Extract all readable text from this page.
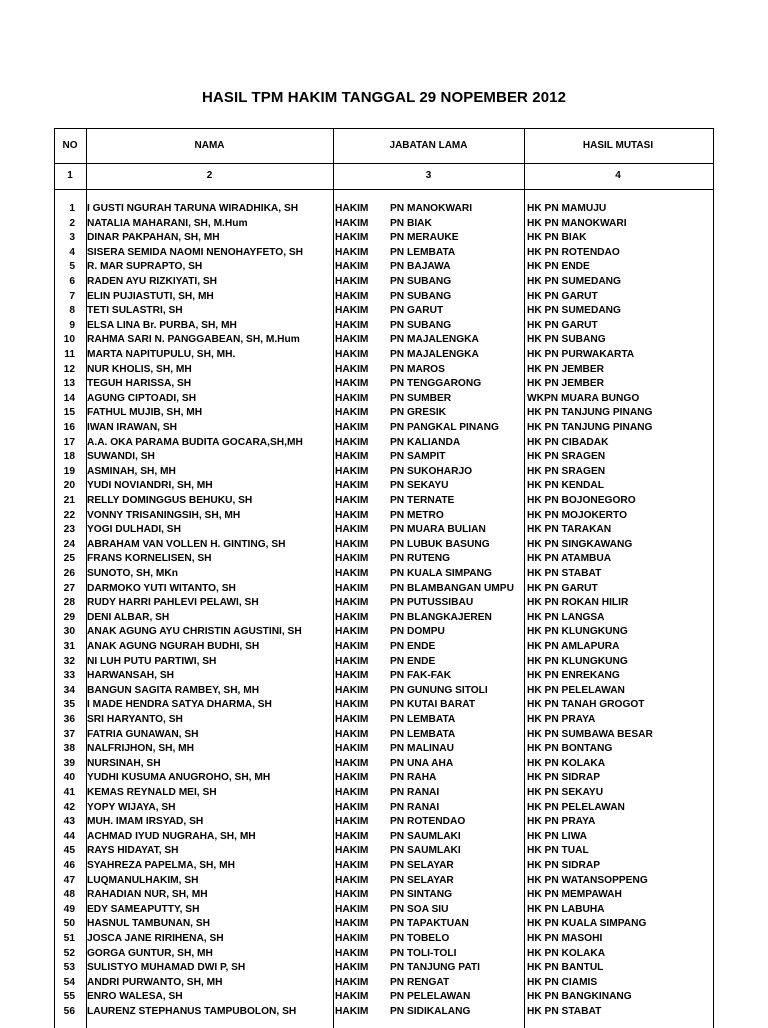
HASIL TPM HAKIM TANGGAL 29 NOPEMBER 2012
NO	NAMA	JABATAN LAMA	HASIL MUTASI
1	2	3	4
1 I GUSTI NGURAH TARUNA WIRADHIKA, SH	HAKIM	PN MANOKWARI	HK PN MAMUJU
2 NATALIA MAHARANI, SH, M.Hum	HAKIM	PN BIAK	HK PN MANOKWARI
3 DINAR PAKPAHAN, SH, MH	HAKIM	PN MERAUKE	HK PN BIAK
4 SISERA SEMIDA NAOMI NENOHAYFETO, SH	HAKIM	PN LEMBATA	HK PN ROTENDAO
5 R. MAR SUPRAPTO, SH	HAKIM	PN BAJAWA	HK PN ENDE
6 RADEN AYU RIZKIYATI, SH	HAKIM	PN SUBANG	HK PN SUMEDANG
7 ELIN PUJIASTUTI, SH, MH	HAKIM	PN SUBANG	HK PN GARUT
8 TETI SULASTRI, SH	HAKIM	PN GARUT	HK PN SUMEDANG
9 ELSA LINA Br. PURBA, SH, MH	HAKIM	PN SUBANG	HK PN GARUT
10 RAHMA SARI N. PANGGABEAN, SH, M.Hum	HAKIM	PN MAJALENGKA	HK PN SUBANG
11 MARTA NAPITUPULU, SH, MH.	HAKIM	PN MAJALENGKA	HK PN PURWAKARTA
12 NUR KHOLIS, SH, MH	HAKIM	PN MAROS	HK PN JEMBER
13 TEGUH HARISSA, SH	HAKIM	PN TENGGARONG	HK PN JEMBER
14 AGUNG CIPTOADI, SH	HAKIM	PN SUMBER	WKPN MUARA BUNGO
15 FATHUL MUJIB, SH, MH	HAKIM	PN GRESIK	HK PN TANJUNG PINANG
16 IWAN IRAWAN, SH	HAKIM	PN PANGKAL PINANG	HK PN TANJUNG PINANG
17 A.A. OKA PARAMA BUDITA GOCARA,SH,MH	HAKIM	PN KALIANDA	HK PN CIBADAK
18 SUWANDI, SH	HAKIM	PN SAMPIT	HK PN SRAGEN
19 ASMINAH, SH, MH	HAKIM	PN SUKOHARJO	HK PN SRAGEN
20 YUDI NOVIANDRI, SH, MH	HAKIM	PN SEKAYU	HK PN KENDAL
21 RELLY DOMINGGUS BEHUKU, SH	HAKIM	PN TERNATE	HK PN BOJONEGORO
22 VONNY TRISANINGSIH, SH, MH	HAKIM	PN METRO	HK PN MOJOKERTO
23 YOGI DULHADI, SH	HAKIM	PN MUARA BULIAN	HK PN TARAKAN
24 ABRAHAM VAN VOLLEN H. GINTING, SH	HAKIM	PN LUBUK BASUNG	HK PN SINGKAWANG
25 FRANS KORNELISEN, SH	HAKIM	PN RUTENG	HK PN ATAMBUA
26 SUNOTO, SH, MKn	HAKIM	PN KUALA SIMPANG	HK PN STABAT
27 DARMOKO YUTI WITANTO, SH	HAKIM	PN BLAMBANGAN UMPU	HK PN GARUT
28 RUDY HARRI PAHLEVI PELAWI, SH	HAKIM	PN PUTUSSIBAU	HK PN ROKAN HILIR
29 DENI ALBAR, SH	HAKIM	PN BLANGKAJEREN	HK PN LANGSA
30 ANAK AGUNG AYU CHRISTIN AGUSTINI, SH	HAKIM	PN DOMPU	HK PN KLUNGKUNG
31 ANAK AGUNG NGURAH BUDHI, SH	HAKIM	PN ENDE	HK PN AMLAPURA
32 NI LUH PUTU PARTIWI, SH	HAKIM	PN ENDE	HK PN KLUNGKUNG
33 HARWANSAH, SH	HAKIM	PN FAK-FAK	HK PN ENREKANG
34 BANGUN SAGITA RAMBEY, SH, MH	HAKIM	PN GUNUNG SITOLI	HK PN PELELAWAN
35 I MADE HENDRA SATYA DHARMA, SH	HAKIM	PN KUTAI BARAT	HK PN TANAH GROGOT
36 SRI HARYANTO, SH	HAKIM	PN LEMBATA	HK PN PRAYA
37 FATRIA GUNAWAN, SH	HAKIM	PN LEMBATA	HK PN SUMBAWA BESAR
38 NALFRIJHON, SH, MH	HAKIM	PN MALINAU	HK PN BONTANG
39 NURSINAH, SH	HAKIM	PN UNA AHA	HK PN KOLAKA
40 YUDHI KUSUMA ANUGROHO, SH, MH	HAKIM	PN RAHA	HK PN SIDRAP
41 KEMAS REYNALD MEI, SH	HAKIM	PN RANAI	HK PN SEKAYU
42 YOPY WIJAYA, SH	HAKIM	PN RANAI	HK PN PELELAWAN
43 MUH. IMAM IRSYAD, SH	HAKIM	PN ROTENDAO	HK PN PRAYA
44 ACHMAD IYUD NUGRAHA, SH, MH	HAKIM	PN SAUMLAKI	HK PN LIWA
45 RAYS HIDAYAT, SH	HAKIM	PN SAUMLAKI	HK PN TUAL
46 SYAHREZA PAPELMA, SH, MH	HAKIM	PN SELAYAR	HK PN SIDRAP
47 LUQMANULHAKIM, SH	HAKIM	PN SELAYAR	HK PN WATANSOPPENG
48 RAHADIAN NUR, SH, MH	HAKIM	PN SINTANG	HK PN MEMPAWAH
49 EDY SAMEAPUTTY, SH	HAKIM	PN SOA SIU	HK PN LABUHA
50 HASNUL TAMBUNAN, SH	HAKIM	PN TAPAKTUAN	HK PN KUALA SIMPANG
51 JOSCA JANE RIRIHENA, SH	HAKIM	PN TOBELO	HK PN MASOHI
52 GORGA GUNTUR, SH, MH	HAKIM	PN TOLI-TOLI	HK PN KOLAKA
53 SULISTYO MUHAMAD DWI P, SH	HAKIM	PN TANJUNG PATI	HK PN BANTUL
54 ANDRI PURWANTO, SH, MH	HAKIM	PN RENGAT	HK PN CIAMIS
55 ENRO WALESA, SH	HAKIM	PN PELELAWAN	HK PN BANGKINANG
56 LAURENZ STEPHANUS TAMPUBOLON, SH	HAKIM	PN SIDIKALANG	HK PN STABAT
